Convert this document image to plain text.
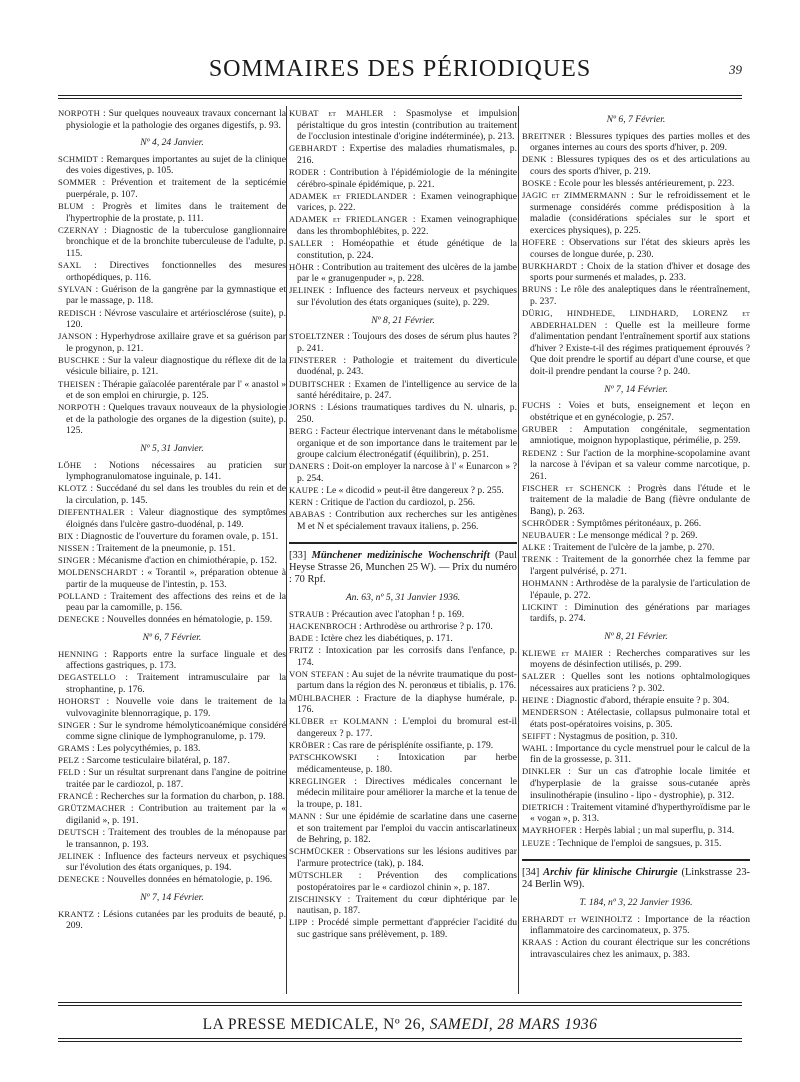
SOMMAIRES DES PÉRIODIQUES	39
NORPOTH : Sur quelques nouveaux travaux concernant la physiologie et la pathologie des organes digestifs, p. 93.
Nº 4, 24 Janvier.
SCHMIDT : Remarques importantes au sujet de la clinique des voies digestives, p. 105.
SOMMER : Prévention et traitement de la septicémie puerpérale, p. 107.
BLUM : Progrès et limites dans le traitement de l'hypertrophie de la prostate, p. 111.
CZERNAY : Diagnostic de la tuberculose ganglionnaire bronchique et de la bronchite tuberculeuse de l'adulte, p. 115.
SAXL : Directives fonctionnelles des mesures orthopédiques, p. 116.
SYLVAN : Guérison de la gangrène par la gymnastique et par le massage, p. 118.
REDISCH : Névrose vasculaire et artériosclérose (suite), p. 120.
JANSON : Hyperhydrose axillaire grave et sa guérison par le progynon, p. 121.
BUSCHKE : Sur la valeur diagnostique du réflexe dit de la vésicule biliaire, p. 121.
THEISEN : Thérapie gaïacolée parentérale par l' « anastol » et de son emploi en chirurgie, p. 125.
NORPOTH : Quelques travaux nouveaux de la physiologie et de la pathologie des organes de la digestion (suite), p. 125.
Nº 5, 31 Janvier.
LÖHE : Notions nécessaires au praticien sur lymphogranulomatose inguinale, p. 141.
KLOTZ : Succédané du sel dans les troubles du rein et de la circulation, p. 145.
DIEFENTHALER : Valeur diagnostique des symptômes éloignés dans l'ulcère gastro-duodénal, p. 149.
BIX : Diagnostic de l'ouverture du foramen ovale, p. 151.
NISSEN : Traitement de la pneumonie, p. 151.
SINGER : Mécanisme d'action en chimiothérapie, p. 152.
MOLDENSCHARDT : « Torantil », préparation obtenue à partir de la muqueuse de l'intestin, p. 153.
POLLAND : Traitement des affections des reins et de la peau par la camomille, p. 156.
DENECKE : Nouvelles données en hématologie, p. 159.
Nº 6, 7 Février.
HENNING : Rapports entre la surface linguale et des affections gastriques, p. 173.
DEGASTELLO : Traitement intramusculaire par la strophantine, p. 176.
HOHORST : Nouvelle voie dans le traitement de la vulvovaginite blennorragique, p. 179.
SINGER : Sur le syndrome hémolyticoanémique considéré comme signe clinique de lymphogranulome, p. 179.
GRAMS : Les polycythémies, p. 183.
PELZ : Sarcome testiculaire bilatéral, p. 187.
FELD : Sur un résultat surprenant dans l'angine de poitrine traitée par le cardiozol, p. 187.
FRANCÉ : Recherches sur la formation du charbon, p. 188.
GRÜTZMACHER : Contribution au traitement par la « digilanid », p. 191.
DEUTSCH : Traitement des troubles de la ménopause par le transannon, p. 193.
JELINEK : Influence des facteurs nerveux et psychiques sur l'évolution des états organiques, p. 194.
DENECKE : Nouvelles données en hématologie, p. 196.
Nº 7, 14 Février.
KRANTZ : Lésions cutanées par les produits de beauté, p. 209.
KUBAT et MAHLER : Spasmolyse et impulsion péristaltique du gros intestin (contribution au traitement de l'occlusion intestinale d'origine indéterminée), p. 213.
GEBHARDT : Expertise des maladies rhumatismales, p. 216.
RODER : Contribution à l'épidémiologie de la méningite cérébro-spinale épidémique, p. 221.
ADAMEK et FRIEDLANDER : Examen veinographique varices, p. 222.
ADAMEK et FRIEDLANGER : Examen veinographique dans les thrombophlébites, p. 222.
SALLER : Homéopathie et étude génétique de la constitution, p. 224.
HÖHR : Contribution au traitement des ulcères de la jambe par le « granugenpuder », p. 228.
JELINEK : Influence des facteurs nerveux et psychiques sur l'évolution des états organiques (suite), p. 229.
Nº 8, 21 Février.
STOELTZNER : Toujours des doses de sérum plus hautes ? p. 241.
FINSTERER : Pathologie et traitement du diverticule duodénal, p. 243.
DUBITSCHER : Examen de l'intelligence au service de la santé héréditaire, p. 247.
JORNS : Lésions traumatiques tardives du N. ulnaris, p. 250.
BERG : Facteur électrique intervenant dans le métabolisme organique et de son importance dans le traitement par le groupe calcium électronégatif (équilibrin), p. 251.
DANERS : Doit-on employer la narcose à l' « Eunarcon » ? p. 254.
KAUPE : Le « dicodid » peut-il être dangereux ? p. 255.
KERN : Critique de l'action du cardiozol, p. 256.
ABABAS : Contribution aux recherches sur les antigènes M et N et spécialement travaux italiens, p. 256.
[33] Münchener medizinische Wochenschrift (Paul Heyse Strasse 26, Munchen 25 W). — Prix du numéro : 70 Rpf.
An. 63, nº 5, 31 Janvier 1936.
STRAUB : Précaution avec l'atophan ! p. 169.
HACKENBROCH : Arthrodèse ou arthrorise ? p. 170.
BADE : Ictère chez les diabétiques, p. 171.
FRITZ : Intoxication par les corrosifs dans l'enfance, p. 174.
VON STEFAN : Au sujet de la névrite traumatique du post-partum dans la région des N. peronœus et tibialis, p. 176.
MÜHLBACHER : Fracture de la diaphyse humérale, p. 176.
KLÜBER et KOLMANN : L'emploi du bromural est-il dangereux ? p. 177.
KRÖBER : Cas rare de périspléníte ossifiante, p. 179.
PATSCHKOWSKI : Intoxication par herbe médicamenteuse, p. 180.
KREGLINGER : Directives médicales concernant le médecin militaire pour améliorer la marche et la tenue de la troupe, p. 181.
MANN : Sur une épidémie de scarlatine dans une caserne et son traitement par l'emploi du vaccin antiscarlatineux de Behring, p. 182.
SCHMÜCKER : Observations sur les lésions auditives par l'armure protectrice (tak), p. 184.
MÜTSCHLER : Prévention des complications postopératoires par le « cardiozol chinin », p. 187.
ZISCHINSKY : Traitement du cœur diphtérique par le nautisan, p. 187.
LIPP : Procédé simple permettant d'apprécier l'acidité du suc gastrique sans prélèvement, p. 189.
Nº 6, 7 Février.
BREITNER : Blessures typiques des parties molles et des organes internes au cours des sports d'hiver, p. 209.
DENK : Blessures typiques des os et des articulations au cours des sports d'hiver, p. 219.
BOSKE : Ecole pour les blessés antérieurement, p. 223.
JAGIC et ZIMMERMANN : Sur le refroidissement et le surmenage considérés comme prédisposition à la maladie (considérations spéciales sur le sport et exercices physiques), p. 225.
HOFERE : Observations sur l'état des skieurs après les courses de longue durée, p. 230.
BURKHARDT : Choix de la station d'hiver et dosage des sports pour surmenés et malades, p. 233.
BRUNS : Le rôle des analeptiques dans le réentraînement, p. 237.
DÜRIG, HINDHEDE, LINDHARD, LORENZ et ABDERHALDEN : Quelle est la meilleure forme d'alimentation pendant l'entraînement sportif aux stations d'hiver ? Existe-t-il des régimes pratiquement éprouvés ? Que doit prendre le sportif au départ d'une course, et que doit-il prendre pendant la course ? p. 240.
Nº 7, 14 Février.
FUCHS : Voies et buts, enseignement et leçon en obstétrique et en gynécologie, p. 257.
GRUBER : Amputation congénitale, segmentation amniotique, moignon hypoplastique, périmélie, p. 259.
REDENZ : Sur l'action de la morphine-scopolamine avant la narcose à l'évipan et sa valeur comme narcotique, p. 261.
FISCHER et SCHENCK : Progrès dans l'étude et le traitement de la maladie de Bang (fièvre ondulante de Bang), p. 263.
SCHRÖDER : Symptômes péritonéaux, p. 266.
NEUBAUER : Le mensonge médical ? p. 269.
ALKE : Traitement de l'ulcère de la jambe, p. 270.
TRENK : Traitement de la gonorrhée chez la femme par l'argent pulvérisé, p. 271.
HOHMANN : Arthrodèse de la paralysie de l'articulation de l'épaule, p. 272.
LICKINT : Diminution des générations par mariages tardifs, p. 274.
Nº 8, 21 Février.
KLIEWE et MAIER : Recherches comparatives sur les moyens de désinfection utilisés, p. 299.
SALZER : Quelles sont les notions ophtalmologiques nécessaires aux praticiens ? p. 302.
HEINE : Diagnostic d'abord, thérapie ensuite ? p. 304.
MENDERSON : Atélectasie, collapsus pulmonaire total et états post-opératoires voisins, p. 305.
SEIFFT : Nystagmus de position, p. 310.
WAHL : Importance du cycle menstruel pour le calcul de la fin de la grossesse, p. 311.
DINKLER : Sur un cas d'atrophie locale limitée et d'hyperplasie de la graisse sous-cutanée après insulinothérapie (insulino - lipo - dystrophie), p. 312.
DIETRICH : Traitement vitaminé d'hyperthyroïdisme par le « vogan », p. 313.
MAYRHOFER : Herpès labial ; un mal superflu, p. 314.
LEUZE : Technique de l'emploi de sangsues, p. 315.
[34] Archiv für klinische Chirurgie (Linkstrasse 23-24 Berlin W9).
T. 184, nº 3, 22 Janvier 1936.
ERHARDT et WEINHOLTZ : Importance de la réaction inflammatoire des carcinomateux, p. 375.
KRAAS : Action du courant électrique sur les concrétions intravasculaires chez les animaux, p. 383.
LA PRESSE MEDICALE, Nº 26, SAMEDI, 28 MARS 1936
